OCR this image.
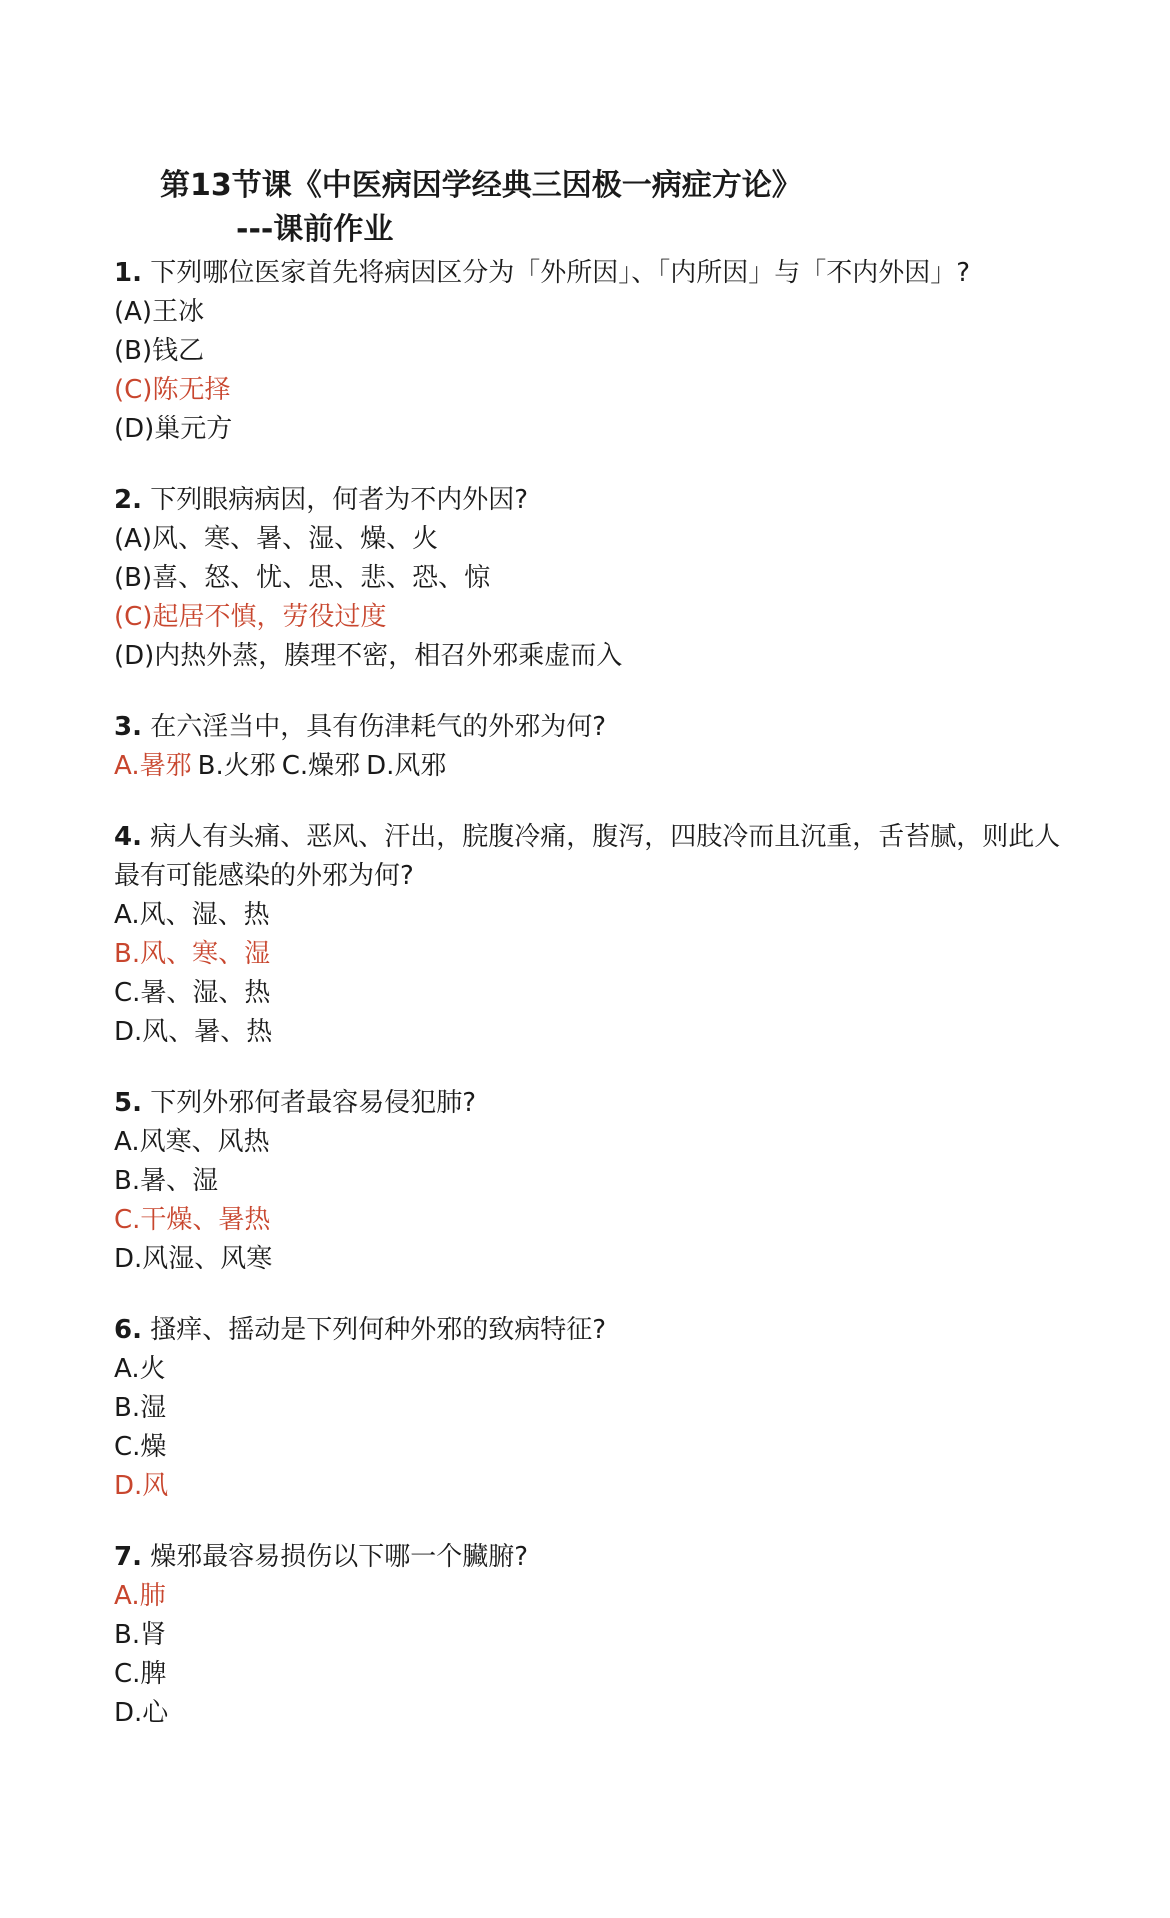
第13节课《中医病因学经典三因极一病症方论》
---课前作业
1. 下列哪位医家首先将病因区分为「外所因」、「内所因」与「不内外因」?
(A)王冰
(B)钱乙
(C)陈无择
(D)巢元方
2. 下列眼病病因，何者为不内外因?
(A)风、寒、暑、湿、燥、火
(B)喜、怒、忧、思、悲、恐、惊
(C)起居不慎，劳役过度
(D)内热外蒸，腠理不密，相召外邪乘虚而入
3. 在六淫当中，具有伤津耗气的外邪为何?
A.暑邪 B.火邪 C.燥邪 D.风邪
4. 病人有头痛、恶风、汗出，脘腹冷痛，腹泻，四肢冷而且沉重，舌苔腻，则此人最有可能感染的外邪为何?
A.风、湿、热
B.风、寒、湿
C.暑、湿、热
D.风、暑、热
5. 下列外邪何者最容易侵犯肺?
A.风寒、风热
B.暑、湿
C.干燥、暑热
D.风湿、风寒
6. 搔痒、摇动是下列何种外邪的致病特征?
A.火
B.湿
C.燥
D.风
7. 燥邪最容易损伤以下哪一个臟腑?
A.肺
B.肾
C.脾
D.心
